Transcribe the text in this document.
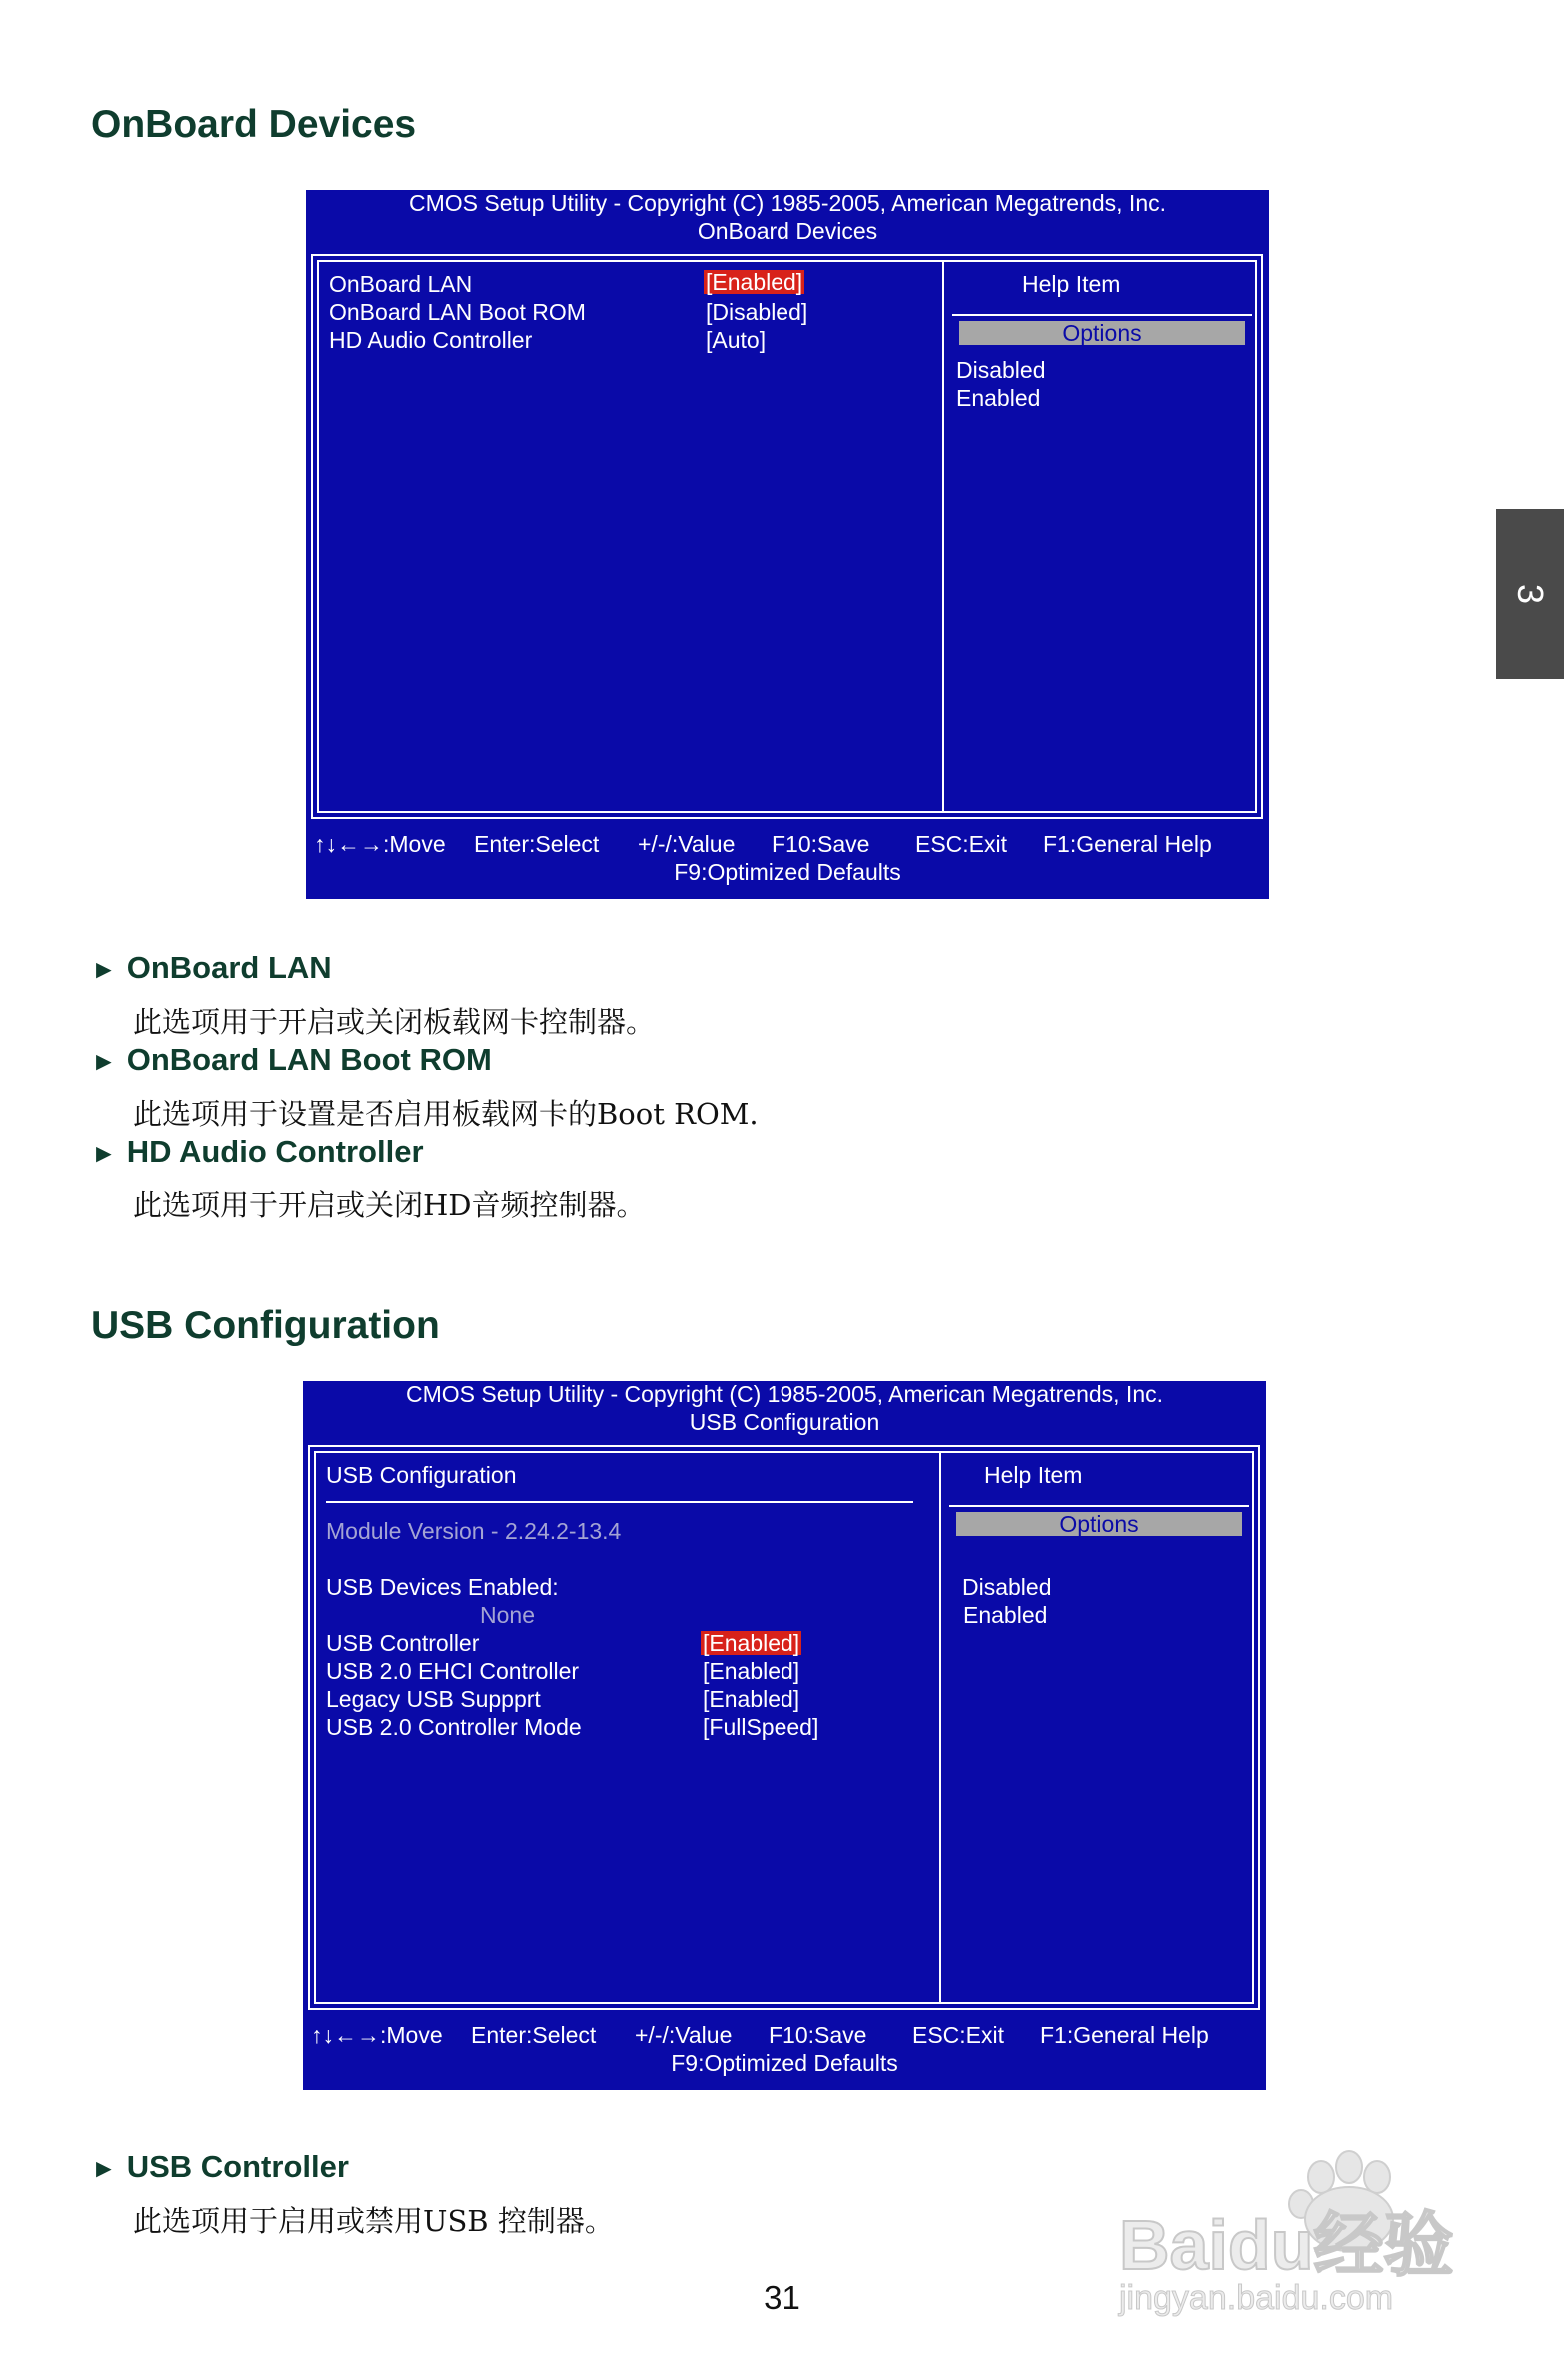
OnBoard Devices
CMOS Setup Utility - Copyright (C) 1985-2005, American Megatrends, Inc.
OnBoard Devices
OnBoard LAN	[Enabled]
OnBoard LAN Boot ROM	[Disabled]
HD Audio Controller	[Auto]
Help Item
Options
Disabled
Enabled
↑↓←→:Move Enter:Select +/-/:Value F10:Save ESC:Exit F1:General Help
F9:Optimized Defaults
► OnBoard LAN
此选项用于开启或关闭板载网卡控制器。
► OnBoard LAN Boot ROM
此选项用于设置是否启用板载网卡的Boot ROM.
► HD Audio Controller
此选项用于开启或关闭HD音频控制器。
USB Configuration
CMOS Setup Utility - Copyright (C) 1985-2005, American Megatrends, Inc.
USB Configuration
USB Configuration
Module Version - 2.24.2-13.4
USB Devices Enabled:
None
USB Controller	[Enabled]
USB 2.0 EHCI Controller	[Enabled]
Legacy USB Suppprt	[Enabled]
USB 2.0 Controller Mode	[FullSpeed]
Help Item
Options
Disabled
Enabled
↑↓←→:Move Enter:Select +/-/:Value F10:Save ESC:Exit F1:General Help
F9:Optimized Defaults
► USB Controller
此选项用于启用或禁用USB 控制器。
3
31
Baidu经验
jingyan.baidu.com
